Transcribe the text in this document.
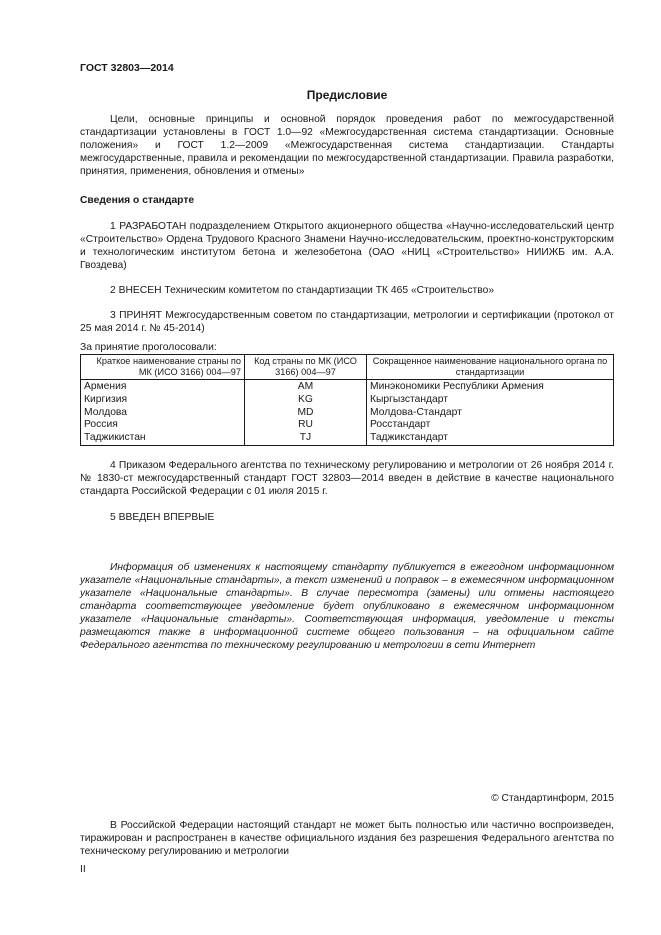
ГОСТ 32803—2014
Предисловие
Цели, основные принципы и основной порядок проведения работ по межгосударственной стандартизации установлены в ГОСТ 1.0—92 «Межгосударственная система стандартизации. Основные положения» и ГОСТ 1.2—2009 «Межгосударственная система стандартизации. Стандарты межгосударственные, правила и рекомендации по межгосударственной стандартизации. Правила разработки, принятия, применения, обновления и отмены»
Сведения о стандарте
1 РАЗРАБОТАН подразделением Открытого акционерного общества «Научно-исследовательский центр «Строительство» Ордена Трудового Красного Знамени Научно-исследовательским, проектно-конструкторским и технологическим институтом бетона и железобетона (ОАО «НИЦ «Строительство» НИИЖБ им. А.А. Гвоздева)
2 ВНЕСЕН Техническим комитетом по стандартизации ТК 465 «Строительство»
3 ПРИНЯТ Межгосударственным советом по стандартизации, метрологии и сертификации (протокол от 25 мая 2014 г. № 45-2014)
За принятие проголосовали:
Краткое наименование страны по МК (ИСО 3166) 004—97	Код страны по МК (ИСО 3166) 004—97	Сокращенное наименование национального органа по стандартизации
Армения	AM	Минэкономики Республики Армения
Киргизия	KG	Кыргызстандарт
Молдова	MD	Молдова-Стандарт
Россия	RU	Росстандарт
Таджикистан	TJ	Таджикстандарт
4 Приказом Федерального агентства по техническому регулированию и метрологии от 26 ноября 2014 г. № 1830-ст межгосударственный стандарт ГОСТ 32803—2014 введен в действие в качестве национального стандарта Российской Федерации с 01 июля 2015 г.
5 ВВЕДЕН ВПЕРВЫЕ
Информация об изменениях к настоящему стандарту публикуется в ежегодном информационном указателе «Национальные стандарты», а текст изменений и поправок – в ежемесячном информационном указателе «Национальные стандарты». В случае пересмотра (замены) или отмены настоящего стандарта соответствующее уведомление будет опубликовано в ежемесячном информационном указателе «Национальные стандарты». Соответствующая информация, уведомление и тексты размещаются также в информационной системе общего пользования – на официальном сайте Федерального агентства по техническому регулированию и метрологии в сети Интернет
© Стандартинформ, 2015
В Российской Федерации настоящий стандарт не может быть полностью или частично воспроизведен, тиражирован и распространен в качестве официального издания без разрешения Федерального агентства по техническому регулированию и метрологии
II
